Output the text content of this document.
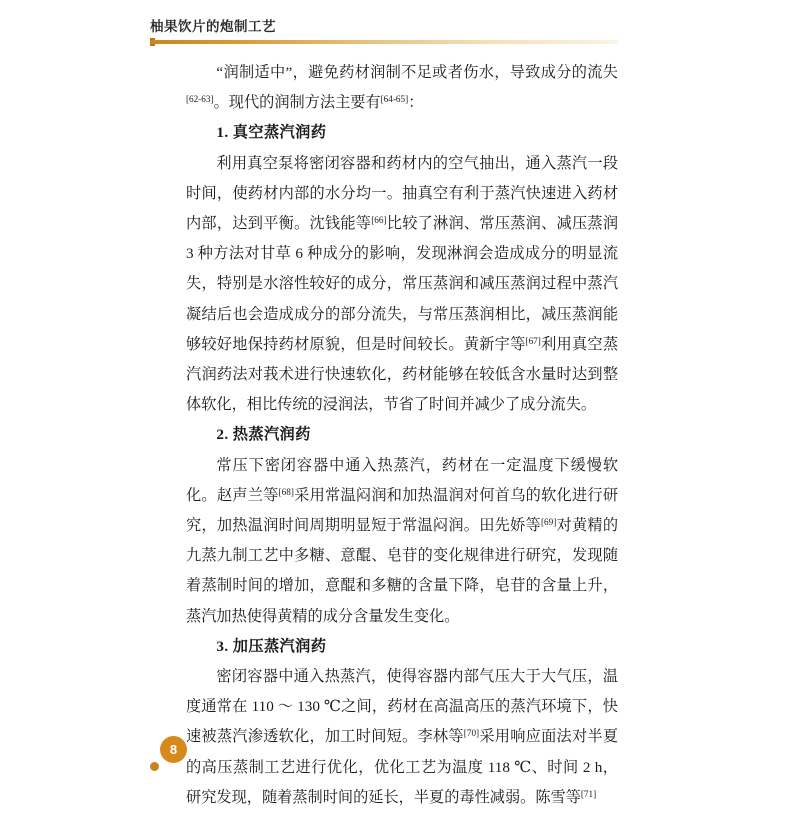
柚果饮片的炮制工艺

“润制适中”，避免药材润制不足或者伤水，导致成分的流失[62-63]。现代的润制方法主要有[64-65]：

1. 真空蒸汽润药

利用真空泵将密闭容器和药材内的空气抽出，通入蒸汽一段时间，使药材内部的水分均一。抽真空有利于蒸汽快速进入药材内部，达到平衡。沈钱能等[66]比较了淋润、常压蒸润、减压蒸润 3 种方法对甘草 6 种成分的影响，发现淋润会造成成分的明显流失，特别是水溶性较好的成分，常压蒸润和减压蒸润过程中蒸汽凝结后也会造成成分的部分流失，与常压蒸润相比，减压蒸润能够较好地保持药材原貌，但是时间较长。黄新宇等[67]利用真空蒸汽润药法对莪术进行快速软化，药材能够在较低含水量时达到整体软化，相比传统的浸润法，节省了时间并减少了成分流失。

2. 热蒸汽润药

常压下密闭容器中通入热蒸汽，药材在一定温度下缓慢软化。赵声兰等[68]采用常温闷润和加热温润对何首乌的软化进行研究，加热温润时间周期明显短于常温闷润。田先娇等[69]对黄精的九蒸九制工艺中多糖、意醌、皂苷的变化规律进行研究，发现随着蒸制时间的增加，意醌和多糖的含量下降，皂苷的含量上升，蒸汽加热使得黄精的成分含量发生变化。

3. 加压蒸汽润药

密闭容器中通入热蒸汽，使得容器内部气压大于大气压，温度通常在 110 ～ 130 ℃之间，药材在高温高压的蒸汽环境下，快速被蒸汽渗透软化，加工时间短。李林等[70]采用响应面法对半夏的高压蒸制工艺进行优化，优化工艺为温度 118 ℃、时间 2 h，研究发现，随着蒸制时间的延长，半夏的毒性减弱。陈雪等[71]

8
